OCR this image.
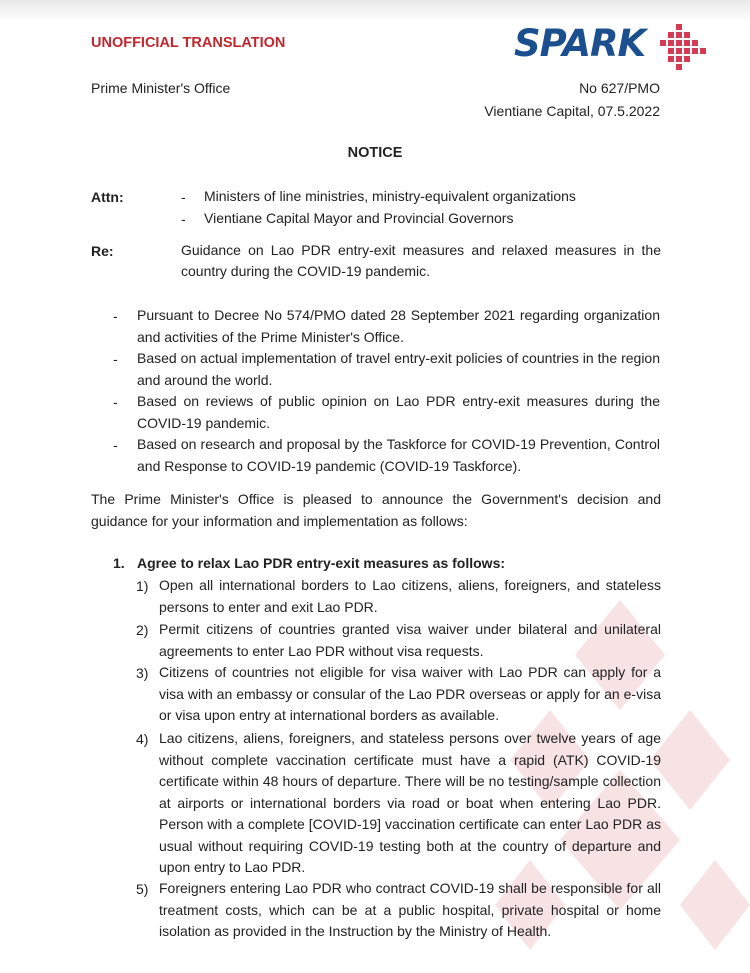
UNOFFICIAL TRANSLATION	SPARK
Prime Minister's Office	No 627/PMO
Vientiane Capital, 07.5.2022
NOTICE
Attn:	- Ministers of line ministries, ministry-equivalent organizations
- Vientiane Capital Mayor and Provincial Governors
Re:	Guidance on Lao PDR entry-exit measures and relaxed measures in the country during the COVID-19 pandemic.
- Pursuant to Decree No 574/PMO dated 28 September 2021 regarding organization and activities of the Prime Minister's Office.
- Based on actual implementation of travel entry-exit policies of countries in the region and around the world.
- Based on reviews of public opinion on Lao PDR entry-exit measures during the COVID-19 pandemic.
- Based on research and proposal by the Taskforce for COVID-19 Prevention, Control and Response to COVID-19 pandemic (COVID-19 Taskforce).
The Prime Minister's Office is pleased to announce the Government's decision and guidance for your information and implementation as follows:
1. Agree to relax Lao PDR entry-exit measures as follows:
1) Open all international borders to Lao citizens, aliens, foreigners, and stateless persons to enter and exit Lao PDR.
2) Permit citizens of countries granted visa waiver under bilateral and unilateral agreements to enter Lao PDR without visa requests.
3) Citizens of countries not eligible for visa waiver with Lao PDR can apply for a visa with an embassy or consular of the Lao PDR overseas or apply for an e-visa or visa upon entry at international borders as available.
4) Lao citizens, aliens, foreigners, and stateless persons over twelve years of age without complete vaccination certificate must have a rapid (ATK) COVID-19 certificate within 48 hours of departure. There will be no testing/sample collection at airports or international borders via road or boat when entering Lao PDR. Person with a complete [COVID-19] vaccination certificate can enter Lao PDR as usual without requiring COVID-19 testing both at the country of departure and upon entry to Lao PDR.
5) Foreigners entering Lao PDR who contract COVID-19 shall be responsible for all treatment costs, which can be at a public hospital, private hospital or home isolation as provided in the Instruction by the Ministry of Health.
